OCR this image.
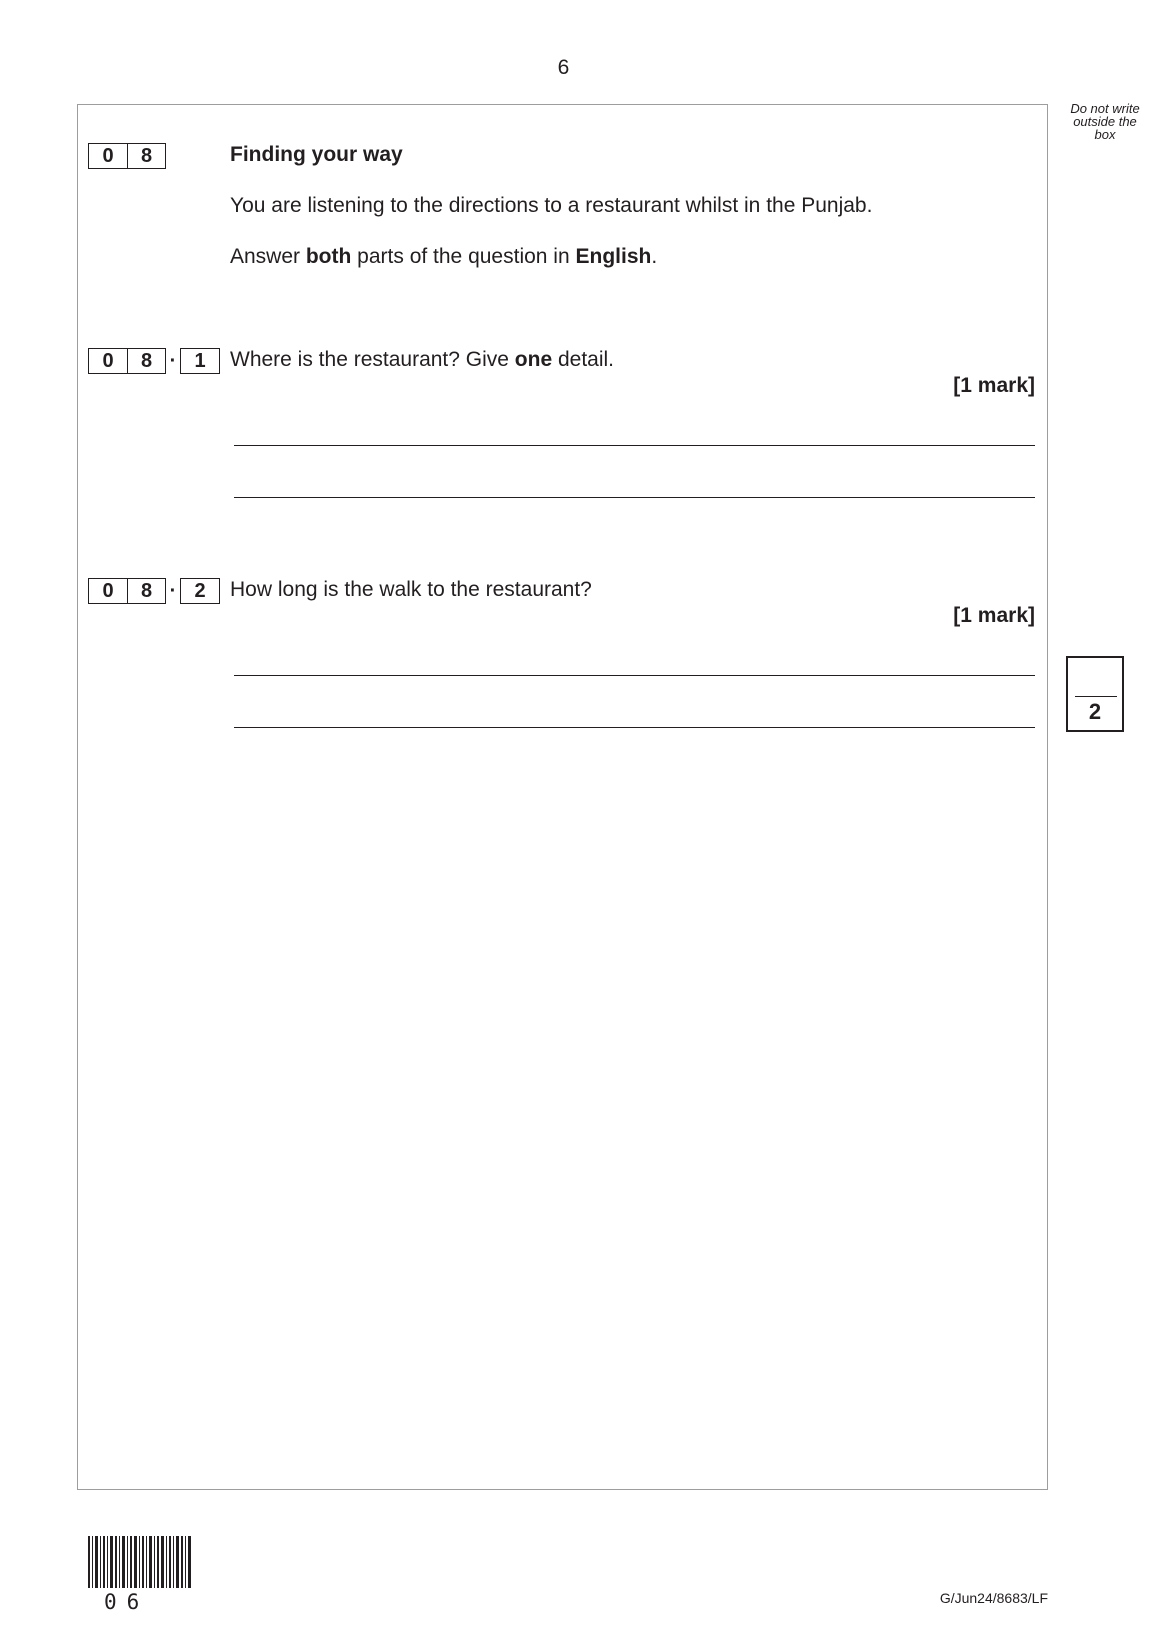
6
Do not write
outside the
box
0	8	Finding your way
You are listening to the directions to a restaurant whilst in the Punjab.
Answer both parts of the question in English.
0	8 · 1	Where is the restaurant? Give one detail.
[1 mark]
0	8 · 2	How long is the walk to the restaurant?
[1 mark]
2
06	G/Jun24/8683/LF
